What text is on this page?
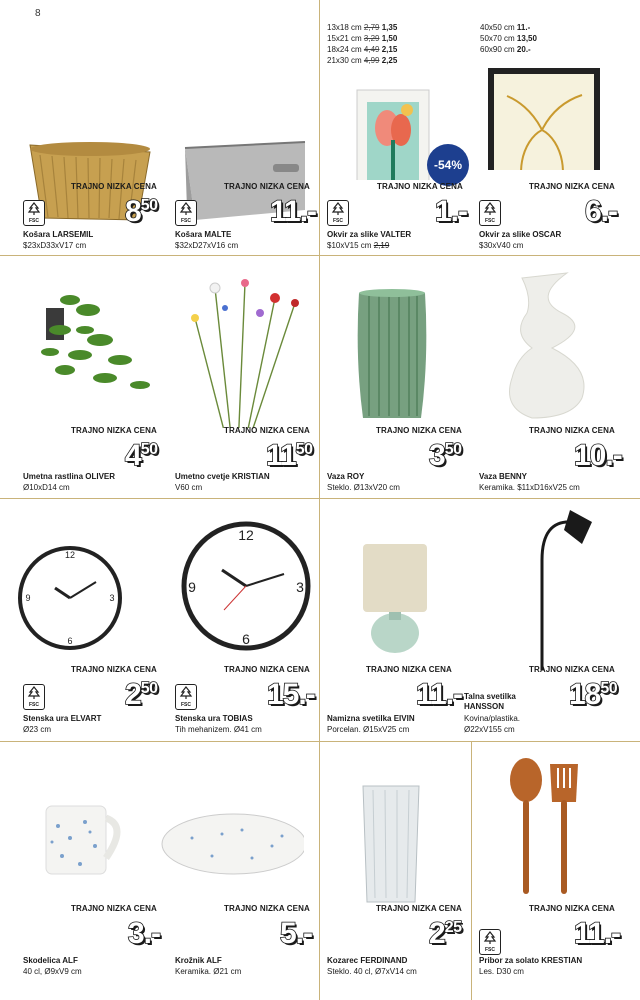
8
TRAJNO NIZKA CENA
850
FSC
Košara LARSEMIL
$23xD33xV17 cm
TRAJNO NIZKA CENA
11.-
FSC
Košara MALTE
$32xD27xV16 cm
13x18 cm 2,79 1,35
15x21 cm 3,29 1,50
18x24 cm 4,49 2,15
21x30 cm 4,99 2,25
-54%
TRAJNO NIZKA CENA
1.-
FSC
Okvir za slike VALTER
$10xV15 cm 2,19
40x50 cm 11.-
50x70 cm 13,50
60x90 cm 20.-
TRAJNO NIZKA CENA
6.-
FSC
Okvir za slike OSCAR
$30xV40 cm
TRAJNO NIZKA CENA
450
Umetna rastlina OLIVER
Ø10xD14 cm
TRAJNO NIZKA CENA
1150
Umetno cvetje KRISTIAN
V60 cm
TRAJNO NIZKA CENA
350
Vaza ROY
Steklo. Ø13xV20 cm
TRAJNO NIZKA CENA
10.-
Vaza BENNY
Keramika. $11xD16xV25 cm
12
3
6
9
TRAJNO NIZKA CENA
250
FSC
Stenska ura ELVART
Ø23 cm
12
3
6
9
TRAJNO NIZKA CENA
15.-
FSC
Stenska ura TOBIAS
Tih mehanizem. Ø41 cm
TRAJNO NIZKA CENA
11.-
Namizna svetilka EIVIN
Porcelan. Ø15xV25 cm
TRAJNO NIZKA CENA
1850
Talna svetilka HANSSON
Kovina/plastika.
Ø22xV155 cm
TRAJNO NIZKA CENA
3.-
Skodelica ALF
40 cl, Ø9xV9 cm
TRAJNO NIZKA CENA
5.-
Krožnik ALF
Keramika. Ø21 cm
TRAJNO NIZKA CENA
225
Kozarec FERDINAND
Steklo. 40 cl, Ø7xV14 cm
TRAJNO NIZKA CENA
11.-
FSC
Pribor za solato KRESTIAN
Les. D30 cm
